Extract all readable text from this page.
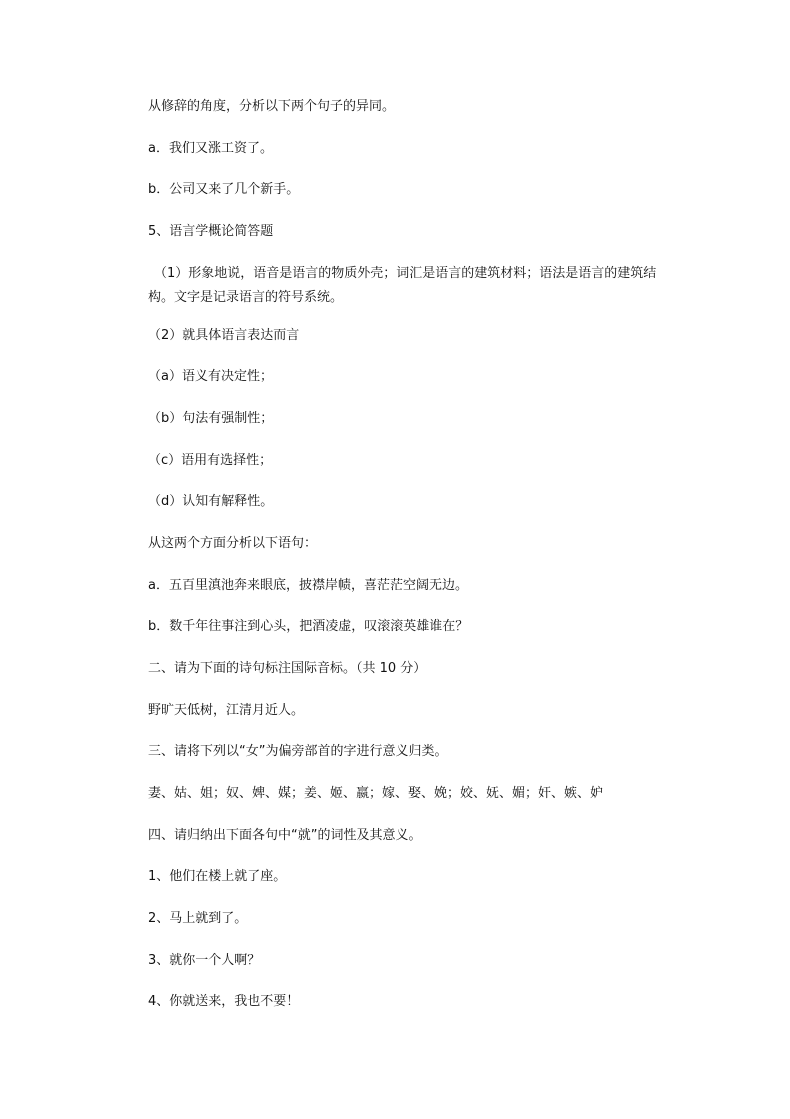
从修辞的角度，分析以下两个句子的异同。
a．我们又涨工资了。
b．公司又来了几个新手。
5、语言学概论简答题
（1）形象地说，语音是语言的物质外壳；词汇是语言的建筑材料；语法是语言的建筑结构。文字是记录语言的符号系统。
（2）就具体语言表达而言
（a）语义有决定性；
（b）句法有强制性；
（c）语用有选择性；
（d）认知有解释性。
从这两个方面分析以下语句：
a．五百里滇池奔来眼底，披襟岸帻，喜茫茫空阔无边。
b．数千年往事注到心头，把酒凌虚，叹滚滚英雄谁在？
二、请为下面的诗句标注国际音标。（共 10 分）
野旷天低树，江清月近人。
三、请将下列以“女”为偏旁部首的字进行意义归类。
妻、姑、姐；奴、婢、媒；姜、姬、嬴；嫁、娶、娩；姣、妩、媚；奸、嫉、妒
四、请归纳出下面各句中“就”的词性及其意义。
1、他们在楼上就了座。
2、马上就到了。
3、就你一个人啊？
4、你就送来，我也不要！
